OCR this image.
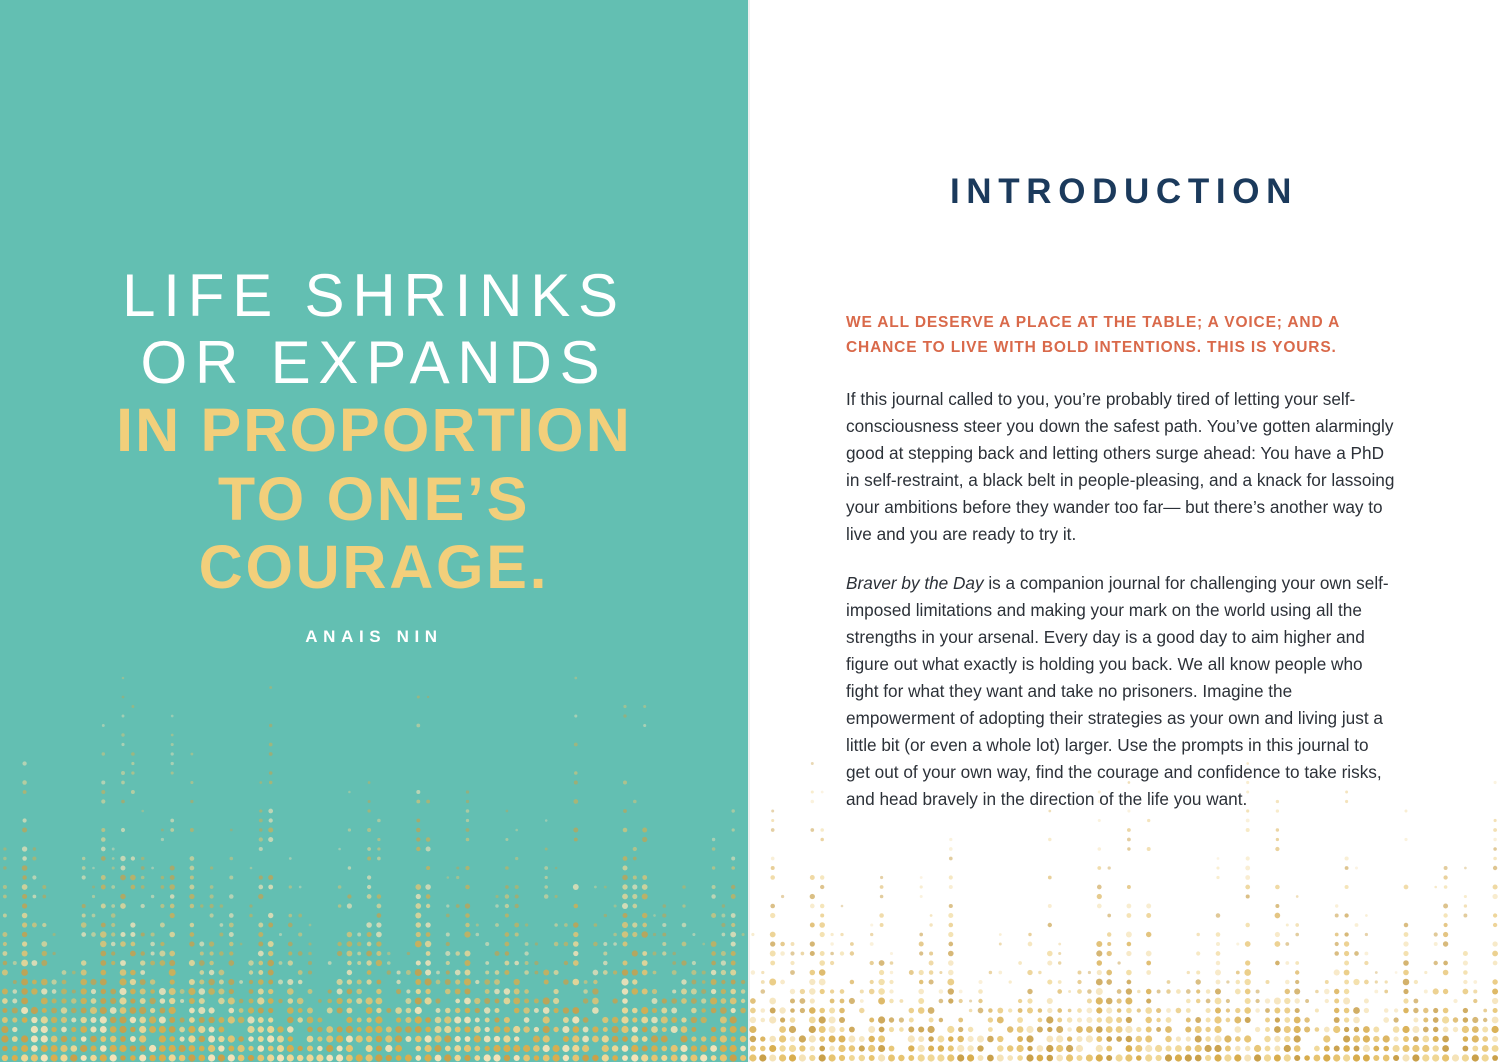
LIFE SHRINKS
OR EXPANDS
IN PROPORTION
TO ONE’S
COURAGE.
ANAIS NIN
INTRODUCTION

WE ALL DESERVE A PLACE AT THE TABLE; A VOICE; AND A CHANCE TO LIVE WITH BOLD INTENTIONS. THIS IS YOURS.

If this journal called to you, you’re probably tired of letting your self-consciousness steer you down the safest path. You’ve gotten alarmingly good at stepping back and letting others surge ahead: You have a PhD in self-restraint, a black belt in people-pleasing, and a knack for lassoing your ambitions before they wander too far— but there’s another way to live and you are ready to try it.

Braver by the Day is a companion journal for challenging your own self-imposed limitations and making your mark on the world using all the strengths in your arsenal. Every day is a good day to aim higher and figure out what exactly is holding you back. We all know people who fight for what they want and take no prisoners. Imagine the empowerment of adopting their strategies as your own and living just a little bit (or even a whole lot) larger. Use the prompts in this journal to get out of your own way, find the courage and confidence to take risks, and head bravely in the direction of the life you want.
